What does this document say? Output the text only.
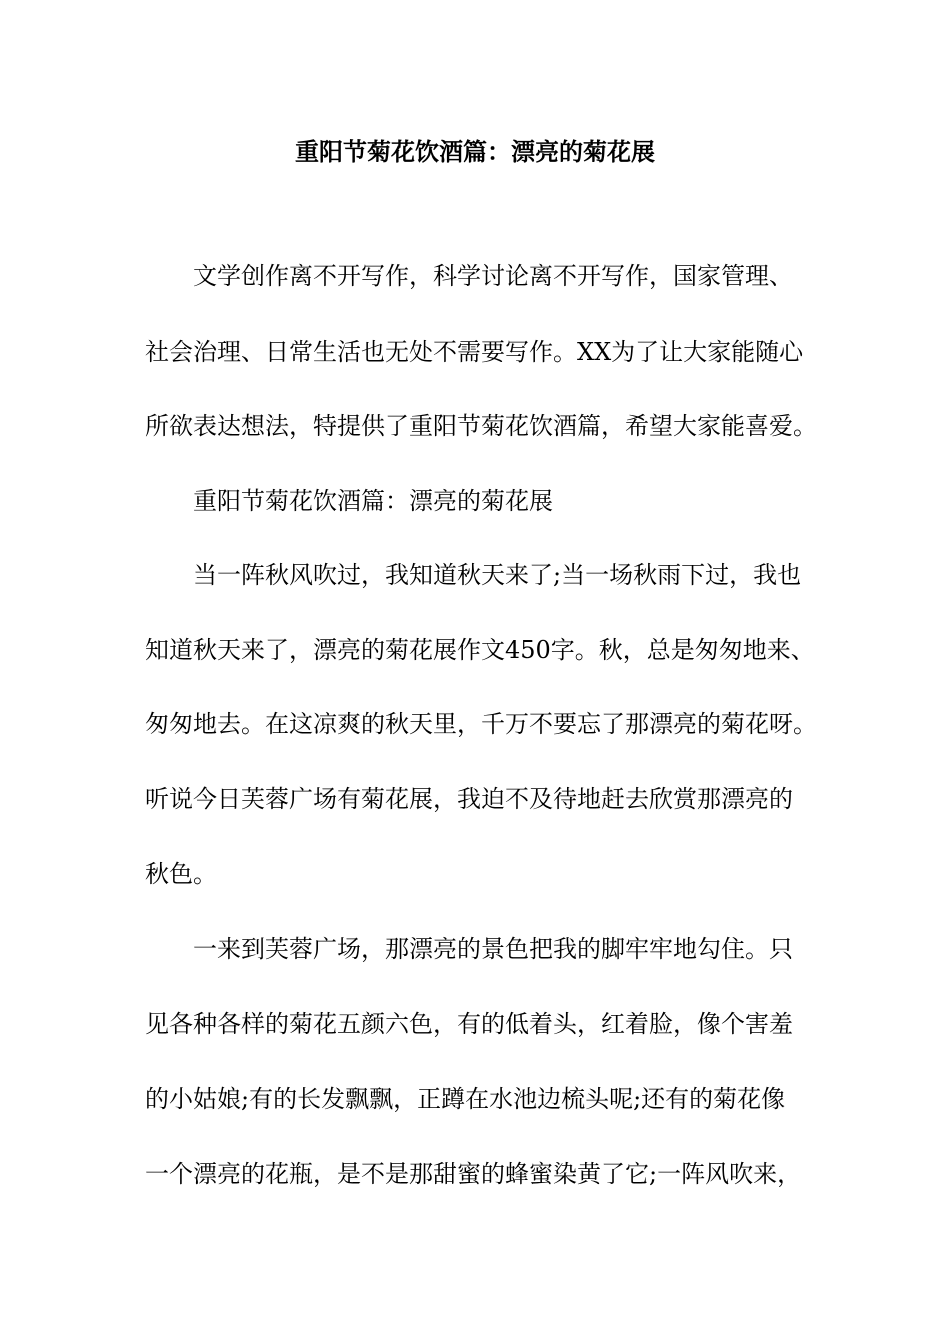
重阳节菊花饮酒篇：漂亮的菊花展
文学创作离不开写作，科学讨论离不开写作，国家管理、
社会治理、日常生活也无处不需要写作。XX为了让大家能随心
所欲表达想法，特提供了重阳节菊花饮酒篇，希望大家能喜爱。
重阳节菊花饮酒篇：漂亮的菊花展
当一阵秋风吹过，我知道秋天来了;当一场秋雨下过，我也
知道秋天来了，漂亮的菊花展作文450字。秋，总是匆匆地来、
匆匆地去。在这凉爽的秋天里，千万不要忘了那漂亮的菊花呀。
听说今日芙蓉广场有菊花展，我迫不及待地赶去欣赏那漂亮的
秋色。
一来到芙蓉广场，那漂亮的景色把我的脚牢牢地勾住。只
见各种各样的菊花五颜六色，有的低着头，红着脸，像个害羞
的小姑娘;有的长发飘飘，正蹲在水池边梳头呢;还有的菊花像
一个漂亮的花瓶，是不是那甜蜜的蜂蜜染黄了它;一阵风吹来，
